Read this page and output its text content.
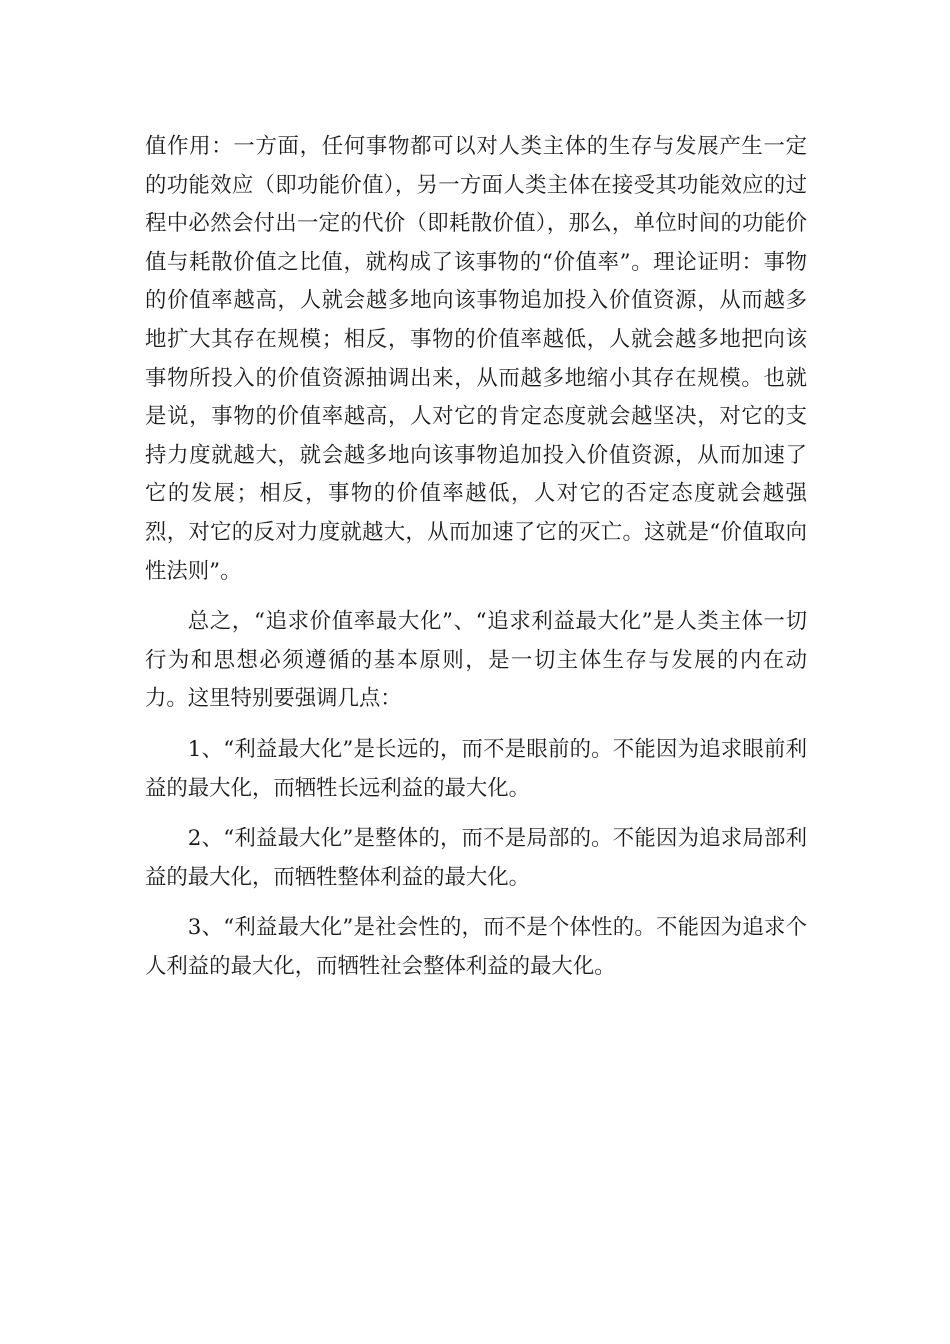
值作用：一方面，任何事物都可以对人类主体的生存与发展产生一定的功能效应（即功能价值），另一方面人类主体在接受其功能效应的过程中必然会付出一定的代价（即耗散价值），那么，单位时间的功能价值与耗散价值之比值，就构成了该事物的“价值率”。理论证明：事物的价值率越高，人就会越多地向该事物追加投入价值资源，从而越多地扩大其存在规模；相反，事物的价值率越低，人就会越多地把向该事物所投入的价值资源抽调出来，从而越多地缩小其存在规模。也就是说，事物的价值率越高，人对它的肯定态度就会越坚决，对它的支持力度就越大，就会越多地向该事物追加投入价值资源，从而加速了它的发展；相反，事物的价值率越低，人对它的否定态度就会越强烈，对它的反对力度就越大，从而加速了它的灭亡。这就是“价值取向性法则”。

总之，“追求价值率最大化”、“追求利益最大化”是人类主体一切行为和思想必须遵循的基本原则，是一切主体生存与发展的内在动力。这里特别要强调几点：

1、“利益最大化”是长远的，而不是眼前的。不能因为追求眼前利益的最大化，而牺牲长远利益的最大化。

2、“利益最大化”是整体的，而不是局部的。不能因为追求局部利益的最大化，而牺牲整体利益的最大化。

3、“利益最大化”是社会性的，而不是个体性的。不能因为追求个人利益的最大化，而牺牲社会整体利益的最大化。
